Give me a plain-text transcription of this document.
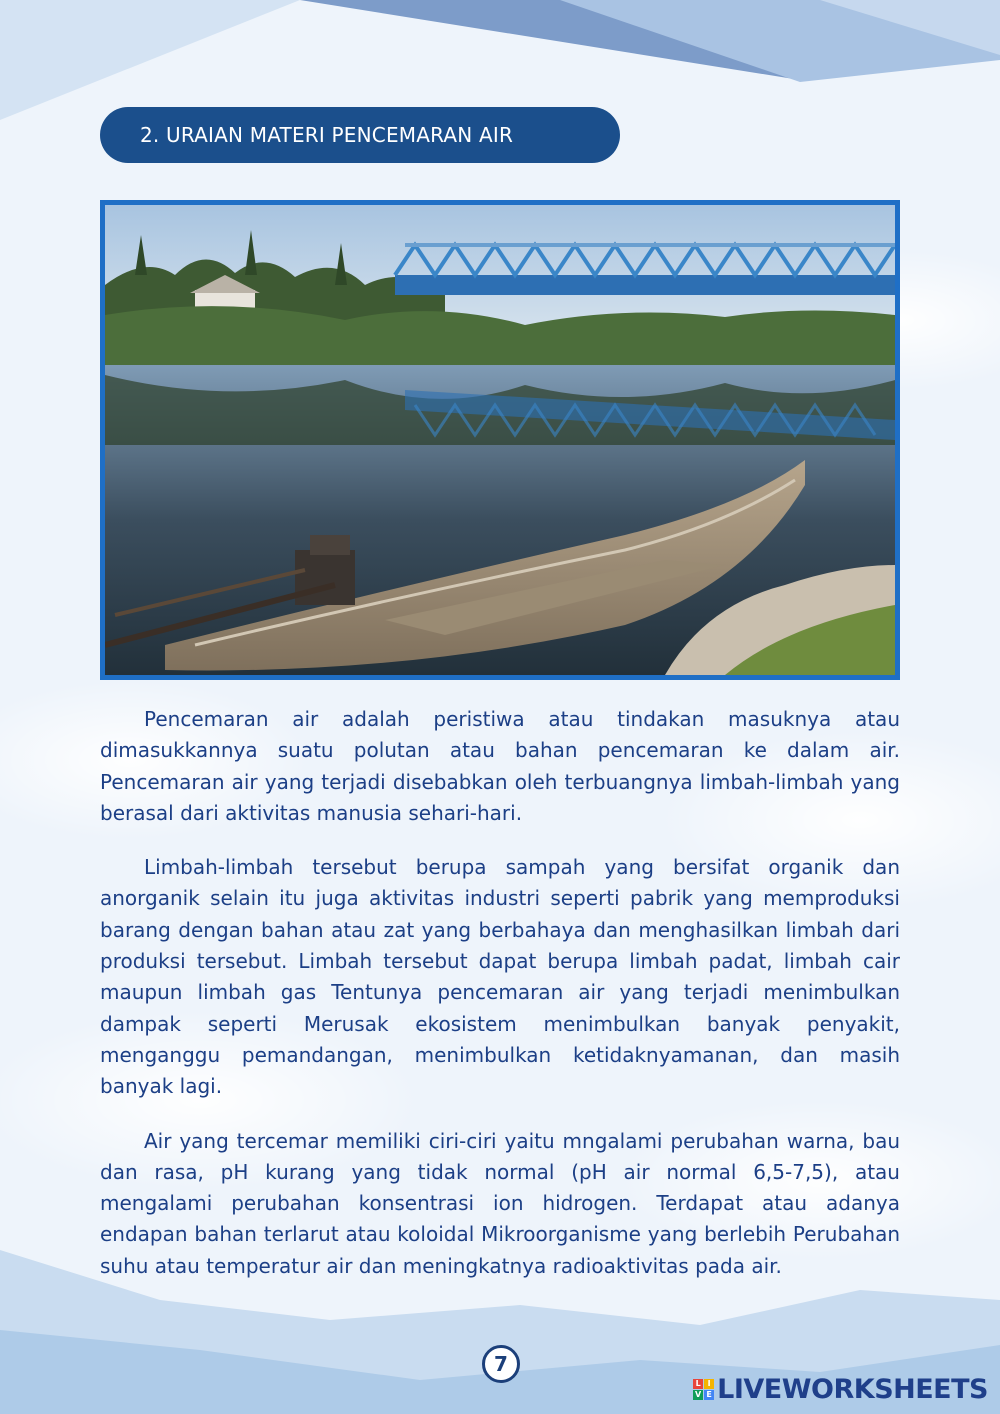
2. URAIAN MATERI PENCEMARAN AIR

Pencemaran air adalah peristiwa atau tindakan masuknya atau dimasukkannya suatu polutan atau bahan pencemaran ke dalam air. Pencemaran air yang terjadi disebabkan oleh terbuangnya limbah-limbah yang berasal dari aktivitas manusia sehari-hari.

Limbah-limbah tersebut berupa sampah yang bersifat organik dan anorganik selain itu juga aktivitas industri seperti pabrik yang memproduksi barang dengan bahan atau zat yang berbahaya dan menghasilkan limbah dari produksi tersebut. Limbah tersebut dapat berupa limbah padat, limbah cair maupun limbah gas Tentunya pencemaran air yang terjadi menimbulkan dampak seperti Merusak ekosistem menimbulkan banyak penyakit, menganggu pemandangan, menimbulkan ketidaknyamanan, dan masih banyak lagi.

Air yang tercemar memiliki ciri-ciri yaitu mngalami perubahan warna, bau dan rasa, pH kurang yang tidak normal (pH air normal 6,5-7,5), atau mengalami perubahan konsentrasi ion hidrogen. Terdapat atau adanya endapan bahan terlarut atau koloidal Mikroorganisme yang berlebih Perubahan suhu atau temperatur air dan meningkatnya radioaktivitas pada air.

7
L I
V E LIVEWORKSHEETS
